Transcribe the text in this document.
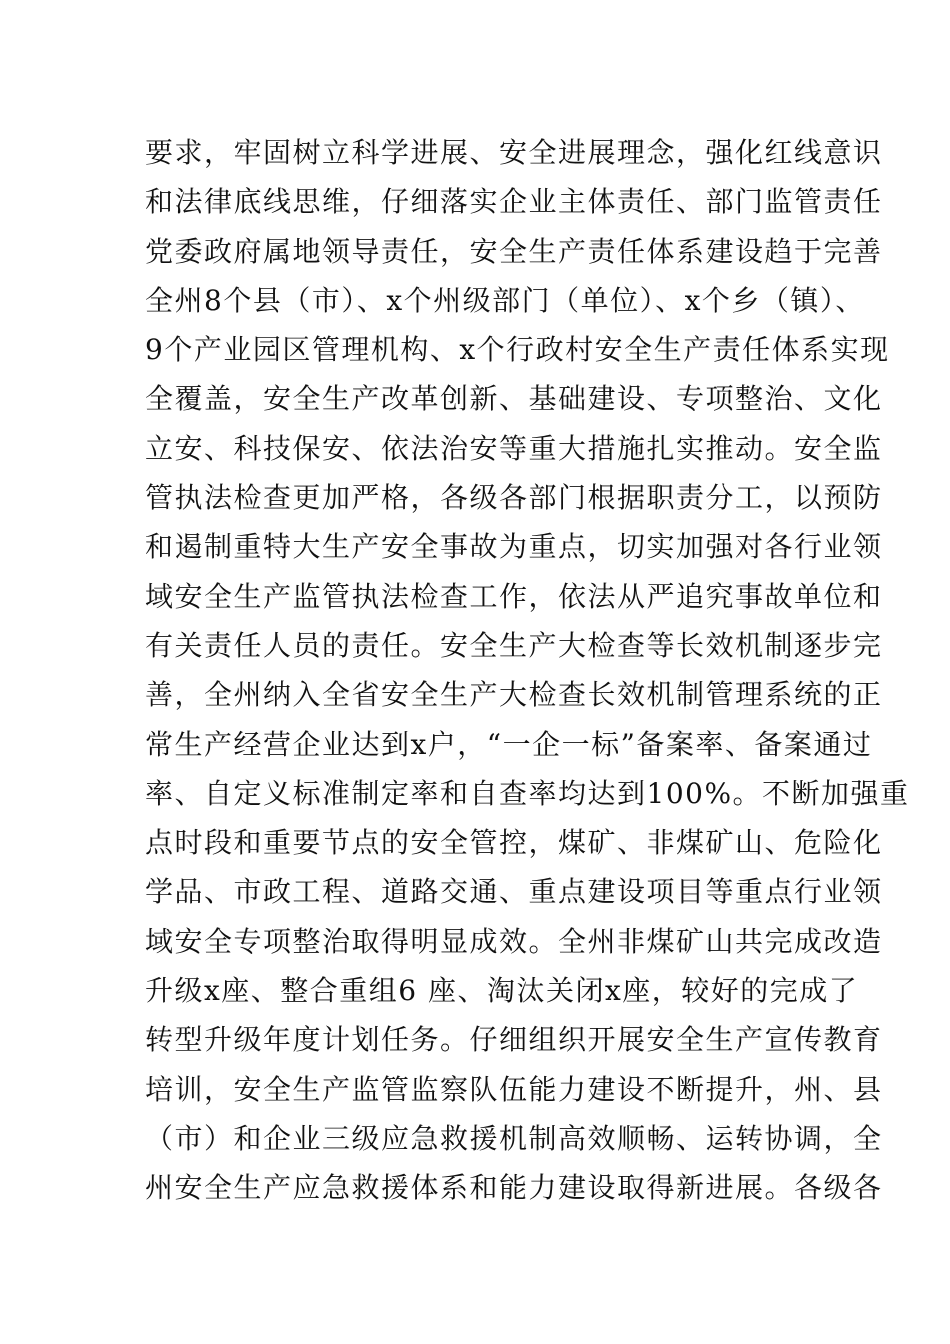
要求，牢固树立科学进展、安全进展理念，强化红线意识
和法律底线思维，仔细落实企业主体责任、部门监管责任
党委政府属地领导责任，安全生产责任体系建设趋于完善
全州8个县（市）、x个州级部门（单位）、x个乡（镇）、
9个产业园区管理机构、x个行政村安全生产责任体系实现
全覆盖，安全生产改革创新、基础建设、专项整治、文化
立安、科技保安、依法治安等重大措施扎实推动。安全监
管执法检查更加严格，各级各部门根据职责分工，以预防
和遏制重特大生产安全事故为重点，切实加强对各行业领
域安全生产监管执法检查工作，依法从严追究事故单位和
有关责任人员的责任。安全生产大检查等长效机制逐步完
善，全州纳入全省安全生产大检查长效机制管理系统的正
常生产经营企业达到x户，“一企一标”备案率、备案通过
率、自定义标准制定率和自查率均达到100%。不断加强重
点时段和重要节点的安全管控，煤矿、非煤矿山、危险化
学品、市政工程、道路交通、重点建设项目等重点行业领
域安全专项整治取得明显成效。全州非煤矿山共完成改造
升级x座、整合重组6 座、淘汰关闭x座，较好的完成了
转型升级年度计划任务。仔细组织开展安全生产宣传教育
培训，安全生产监管监察队伍能力建设不断提升，州、县
（市）和企业三级应急救援机制高效顺畅、运转协调，全
州安全生产应急救援体系和能力建设取得新进展。各级各
